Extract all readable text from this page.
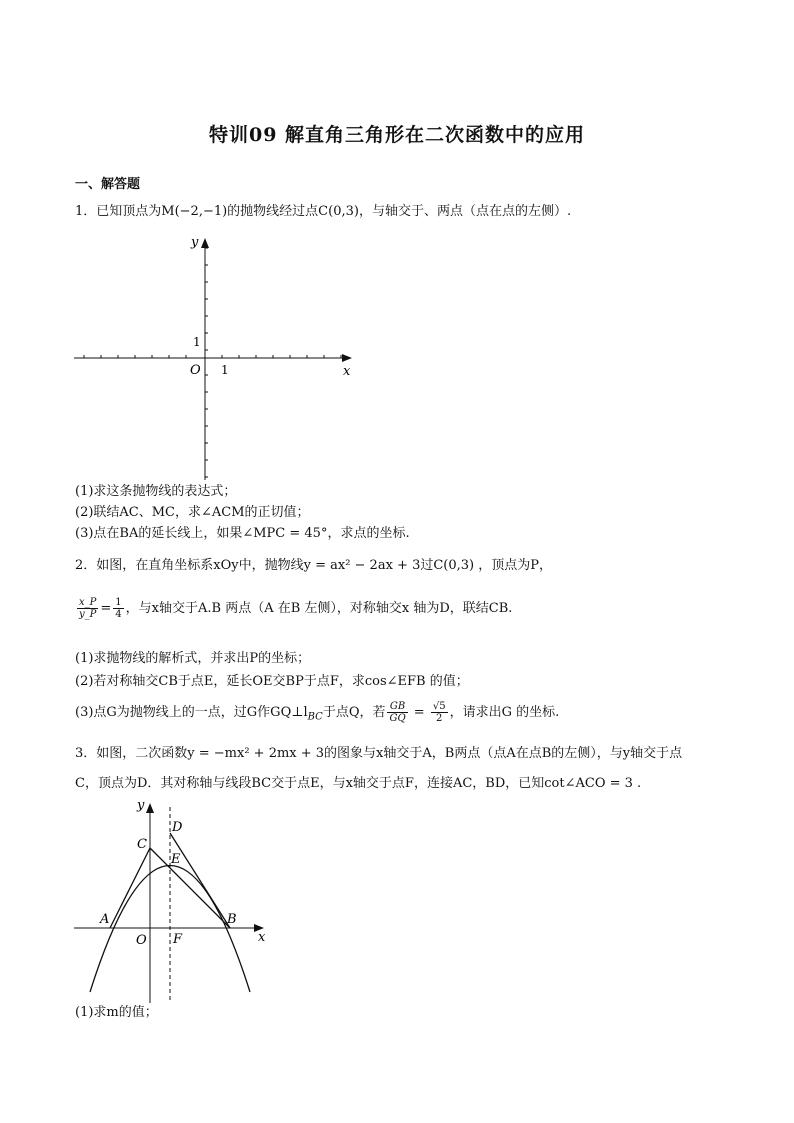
特训09 解直角三角形在二次函数中的应用
一、解答题
1．已知顶点为M(−2,−1)的抛物线经过点C(0,3)，与轴交于、两点（点在点的左侧）.
y
x
O 1
1
(1)求这条抛物线的表达式；
(2)联结AC、MC，求∠ACM的正切值；
(3)点在BA的延长线上，如果∠MPC = 45°，求点的坐标.
2．如图，在直角坐标系xOy中，抛物线y = ax² − 2ax + 3过C(0,3) ，顶点为P，
$\frac{x\_P}{y\_P} = \frac{1}{4}$ ，与x轴交于A.B 两点（A 在B 左侧），对称轴交x 轴为D，联结CB.
(1)求抛物线的解析式，并求出P的坐标；
(2)若对称轴交CB于点E，延长OE交BP于点F，求cos∠EFB 的值；
(3)点G为抛物线上的一点，过G作$GQ\perp l_{BC}$于点Q，若 $\frac{GB}{GQ} = \frac{√5}{2}$ ，请求出G 的坐标.
3．如图，二次函数y = −mx² + 2mx + 3的图象与x轴交于A，B两点（点A在点B的左侧），与y轴交于点
C，顶点为D．其对称轴与线段BC交于点E，与x轴交于点F，连接AC，BD，已知cot∠ACO = 3 .
y
x
O
A	B
C
D
E
F
(1)求m的值；
